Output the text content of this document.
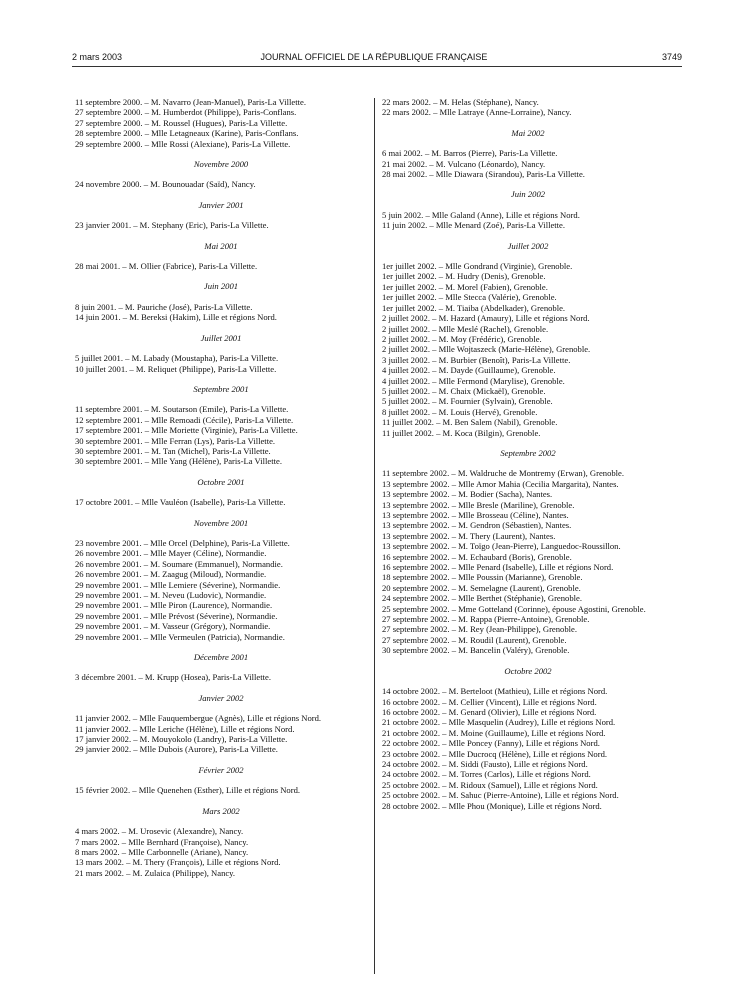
2 mars 2003	JOURNAL OFFICIEL DE LA RÉPUBLIQUE FRANÇAISE	3749
11 septembre 2000. – M. Navarro (Jean-Manuel), Paris-La Villette.
27 septembre 2000. – M. Humberdot (Philippe), Paris-Conflans.
27 septembre 2000. – M. Roussel (Hugues), Paris-La Villette.
28 septembre 2000. – Mlle Letagneaux (Karine), Paris-Conflans.
29 septembre 2000. – Mlle Rossi (Alexiane), Paris-La Villette.
Novembre 2000
24 novembre 2000. – M. Bounouadar (Saïd), Nancy.
Janvier 2001
23 janvier 2001. – M. Stephany (Eric), Paris-La Villette.
Mai 2001
28 mai 2001. – M. Ollier (Fabrice), Paris-La Villette.
Juin 2001
8 juin 2001. – M. Pauriche (José), Paris-La Villette.
14 juin 2001. – M. Bereksi (Hakim), Lille et régions Nord.
Juillet 2001
5 juillet 2001. – M. Labady (Moustapha), Paris-La Villette.
10 juillet 2001. – M. Reliquet (Philippe), Paris-La Villette.
Septembre 2001
11 septembre 2001. – M. Soutarson (Emile), Paris-La Villette.
12 septembre 2001. – Mlle Remoadi (Cécile), Paris-La Villette.
17 septembre 2001. – Mlle Moriette (Virginie), Paris-La Villette.
30 septembre 2001. – Mlle Ferran (Lys), Paris-La Villette.
30 septembre 2001. – M. Tan (Michel), Paris-La Villette.
30 septembre 2001. – Mlle Yang (Hélène), Paris-La Villette.
Octobre 2001
17 octobre 2001. – Mlle Vauléon (Isabelle), Paris-La Villette.
Novembre 2001
23 novembre 2001. – Mlle Orcel (Delphine), Paris-La Villette.
26 novembre 2001. – Mlle Mayer (Céline), Normandie.
26 novembre 2001. – M. Soumare (Emmanuel), Normandie.
26 novembre 2001. – M. Zaagug (Miloud), Normandie.
29 novembre 2001. – Mlle Lemiere (Séverine), Normandie.
29 novembre 2001. – M. Neveu (Ludovic), Normandie.
29 novembre 2001. – Mlle Piron (Laurence), Normandie.
29 novembre 2001. – Mlle Prévost (Séverine), Normandie.
29 novembre 2001. – M. Vasseur (Grégory), Normandie.
29 novembre 2001. – Mlle Vermeulen (Patricia), Normandie.
Décembre 2001
3 décembre 2001. – M. Krupp (Hosea), Paris-La Villette.
Janvier 2002
11 janvier 2002. – Mlle Fauquembergue (Agnès), Lille et régions Nord.
11 janvier 2002. – Mlle Leriche (Hélène), Lille et régions Nord.
17 janvier 2002. – M. Mouyokolo (Landry), Paris-La Villette.
29 janvier 2002. – Mlle Dubois (Aurore), Paris-La Villette.
Février 2002
15 février 2002. – Mlle Quenehen (Esther), Lille et régions Nord.
Mars 2002
4 mars 2002. – M. Urosevic (Alexandre), Nancy.
7 mars 2002. – Mlle Bernhard (Françoise), Nancy.
8 mars 2002. – Mlle Carbonnelle (Ariane), Nancy.
13 mars 2002. – M. Thery (François), Lille et régions Nord.
21 mars 2002. – M. Zulaica (Philippe), Nancy.
22 mars 2002. – M. Helas (Stéphane), Nancy.
22 mars 2002. – Mlle Latraye (Anne-Lorraine), Nancy.
Mai 2002
6 mai 2002. – M. Barros (Pierre), Paris-La Villette.
21 mai 2002. – M. Vulcano (Léonardo), Nancy.
28 mai 2002. – Mlle Diawara (Sirandou), Paris-La Villette.
Juin 2002
5 juin 2002. – Mlle Galand (Anne), Lille et régions Nord.
11 juin 2002. – Mlle Menard (Zoé), Paris-La Villette.
Juillet 2002
1er juillet 2002. – Mlle Gondrand (Virginie), Grenoble.
1er juillet 2002. – M. Hudry (Denis), Grenoble.
1er juillet 2002. – M. Morel (Fabien), Grenoble.
1er juillet 2002. – Mlle Stecca (Valérie), Grenoble.
1er juillet 2002. – M. Tiaiba (Abdelkader), Grenoble.
2 juillet 2002. – M. Hazard (Amaury), Lille et régions Nord.
2 juillet 2002. – Mlle Meslé (Rachel), Grenoble.
2 juillet 2002. – M. Moy (Frédéric), Grenoble.
2 juillet 2002. – Mlle Wojtaszeck (Marie-Hélène), Grenoble.
3 juillet 2002. – M. Burbier (Benoît), Paris-La Villette.
4 juillet 2002. – M. Dayde (Guillaume), Grenoble.
4 juillet 2002. – Mlle Fermond (Marylise), Grenoble.
5 juillet 2002. – M. Chaix (Mickaël), Grenoble.
5 juillet 2002. – M. Fournier (Sylvain), Grenoble.
8 juillet 2002. – M. Louis (Hervé), Grenoble.
11 juillet 2002. – M. Ben Salem (Nabil), Grenoble.
11 juillet 2002. – M. Koca (Bilgin), Grenoble.
Septembre 2002
11 septembre 2002. – M. Waldruche de Montremy (Erwan), Grenoble.
13 septembre 2002. – Mlle Amor Mahia (Cecilia Margarita), Nantes.
13 septembre 2002. – M. Bodier (Sacha), Nantes.
13 septembre 2002. – Mlle Bresle (Mariline), Grenoble.
13 septembre 2002. – Mlle Brosseau (Céline), Nantes.
13 septembre 2002. – M. Gendron (Sébastien), Nantes.
13 septembre 2002. – M. Thery (Laurent), Nantes.
13 septembre 2002. – M. Toïgo (Jean-Pierre), Languedoc-Roussillon.
16 septembre 2002. – M. Echaubard (Boris), Grenoble.
16 septembre 2002. – Mlle Penard (Isabelle), Lille et régions Nord.
18 septembre 2002. – Mlle Poussin (Marianne), Grenoble.
20 septembre 2002. – M. Semelagne (Laurent), Grenoble.
24 septembre 2002. – Mlle Berthet (Stéphanie), Grenoble.
25 septembre 2002. – Mme Gotteland (Corinne), épouse Agostini, Grenoble.
27 septembre 2002. – M. Rappa (Pierre-Antoine), Grenoble.
27 septembre 2002. – M. Rey (Jean-Philippe), Grenoble.
27 septembre 2002. – M. Roudil (Laurent), Grenoble.
30 septembre 2002. – M. Bancelin (Valéry), Grenoble.
Octobre 2002
14 octobre 2002. – M. Berteloot (Mathieu), Lille et régions Nord.
16 octobre 2002. – M. Cellier (Vincent), Lille et régions Nord.
16 octobre 2002. – M. Genard (Olivier), Lille et régions Nord.
21 octobre 2002. – Mlle Masquelin (Audrey), Lille et régions Nord.
21 octobre 2002. – M. Moine (Guillaume), Lille et régions Nord.
22 octobre 2002. – Mlle Poncey (Fanny), Lille et régions Nord.
23 octobre 2002. – Mlle Ducrocq (Hélène), Lille et régions Nord.
24 octobre 2002. – M. Siddi (Fausto), Lille et régions Nord.
24 octobre 2002. – M. Torres (Carlos), Lille et régions Nord.
25 octobre 2002. – M. Ridoux (Samuel), Lille et régions Nord.
25 octobre 2002. – M. Sahuc (Pierre-Antoine), Lille et régions Nord.
28 octobre 2002. – Mlle Phou (Monique), Lille et régions Nord.
